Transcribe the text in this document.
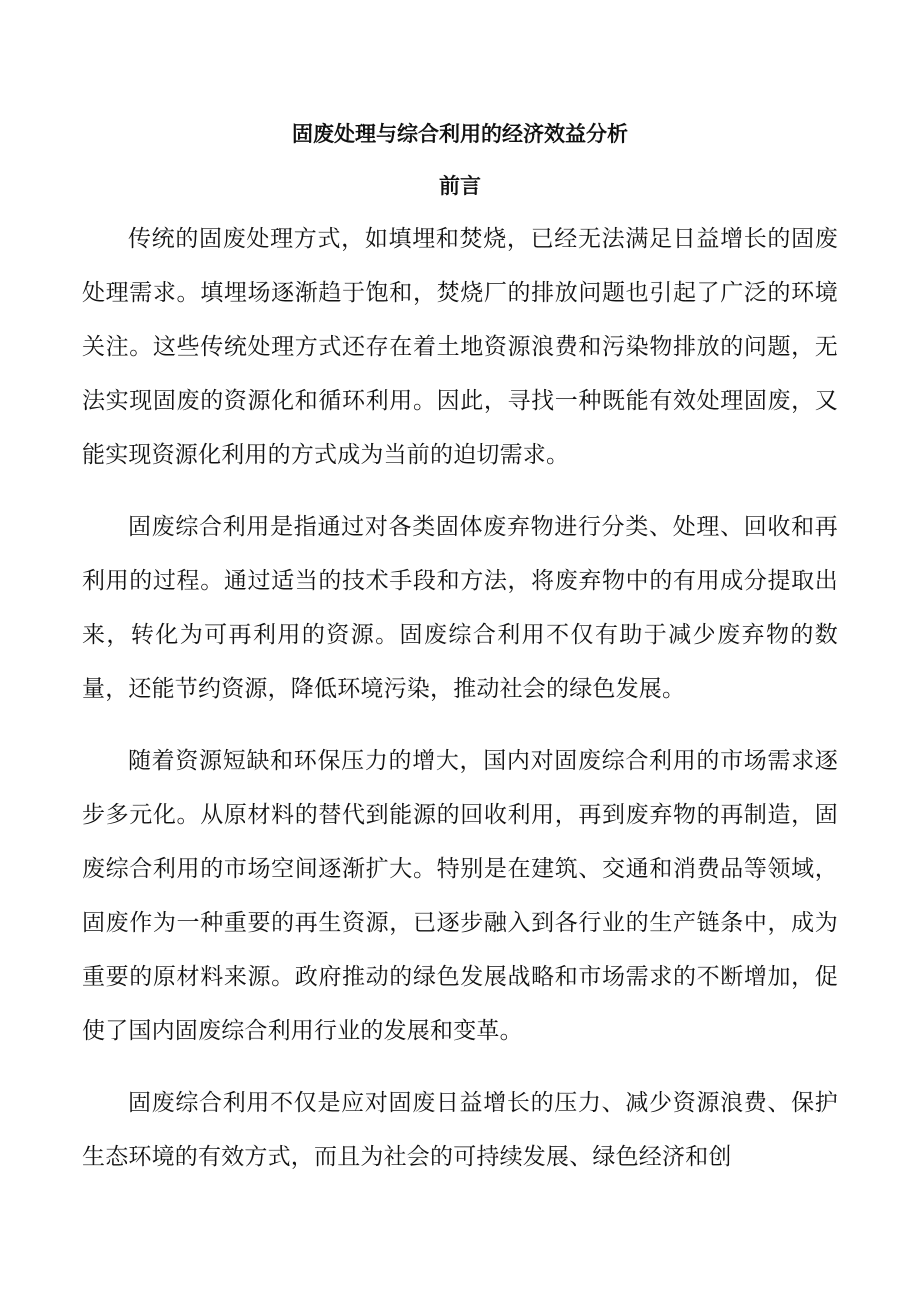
固废处理与综合利用的经济效益分析
前言

传统的固废处理方式，如填埋和焚烧，已经无法满足日益增长的固废处理需求。填埋场逐渐趋于饱和，焚烧厂的排放问题也引起了广泛的环境关注。这些传统处理方式还存在着土地资源浪费和污染物排放的问题，无法实现固废的资源化和循环利用。因此，寻找一种既能有效处理固废，又能实现资源化利用的方式成为当前的迫切需求。

固废综合利用是指通过对各类固体废弃物进行分类、处理、回收和再利用的过程。通过适当的技术手段和方法，将废弃物中的有用成分提取出来，转化为可再利用的资源。固废综合利用不仅有助于减少废弃物的数量，还能节约资源，降低环境污染，推动社会的绿色发展。

随着资源短缺和环保压力的增大，国内对固废综合利用的市场需求逐步多元化。从原材料的替代到能源的回收利用，再到废弃物的再制造，固废综合利用的市场空间逐渐扩大。特别是在建筑、交通和消费品等领域，固废作为一种重要的再生资源，已逐步融入到各行业的生产链条中，成为重要的原材料来源。政府推动的绿色发展战略和市场需求的不断增加，促使了国内固废综合利用行业的发展和变革。

固废综合利用不仅是应对固废日益增长的压力、减少资源浪费、保护生态环境的有效方式，而且为社会的可持续发展、绿色经济和创
